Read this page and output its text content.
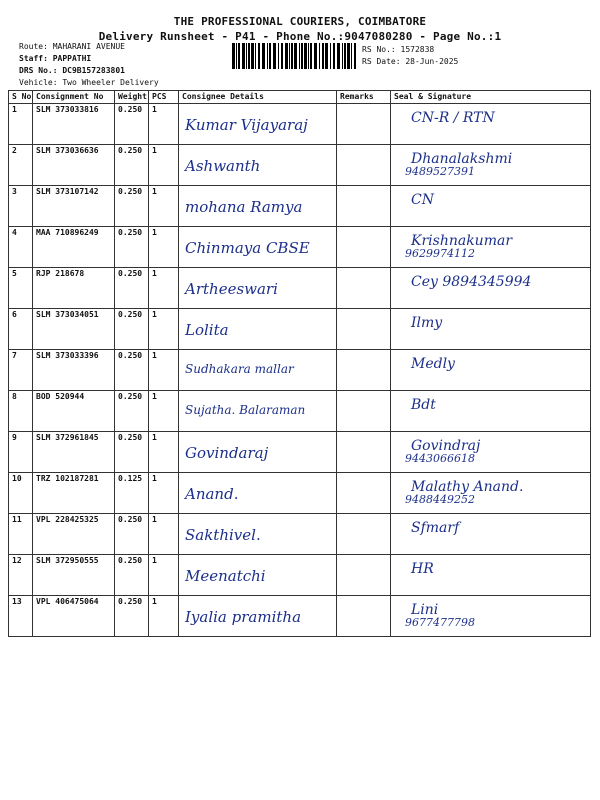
THE PROFESSIONAL COURIERS, COIMBATORE
Delivery Runsheet - P41 - Phone No.:9047080280 - Page No.:1
Route: MAHARANI AVENUE
Staff: PAPPATHI
DRS No.: DC9B157283801
Vehicle: Two Wheeler Delivery
RS No.: 1572838
RS Date: 28-Jun-2025
S No	Consignment No	Weight	PCS	Consignee Details	Remarks	Seal & Signature
1	SLM 373033816	0.250	1	Kumar Vijayaraj		CN-R / RTN

2	SLM 373036636	0.250	1	Ashwanth		Dhanalakshmi
9489527391

3	SLM 373107142	0.250	1	mohana Ramya		CN

4	MAA 710896249	0.250	1	Chinmaya CBSE		Krishnakumar
9629974112

5	RJP 218678	0.250	1	Artheeswari		Cey 9894345994

6	SLM 373034051	0.250	1	Lolita		Ilmy

7	SLM 373033396	0.250	1	Sudhakara mallar		Medly

8	BOD 520944	0.250	1	Sujatha. Balaraman		Bdt

9	SLM 372961845	0.250	1	Govindaraj		Govindraj
9443066618

10	TRZ 102187281	0.125	1	Anand.		Malathy Anand.
9488449252

11	VPL 228425325	0.250	1	Sakthivel.		Sfmarf

12	SLM 372950555	0.250	1	Meenatchi		HR

13	VPL 406475064	0.250	1	Iyalia pramitha		Lini
9677477798
